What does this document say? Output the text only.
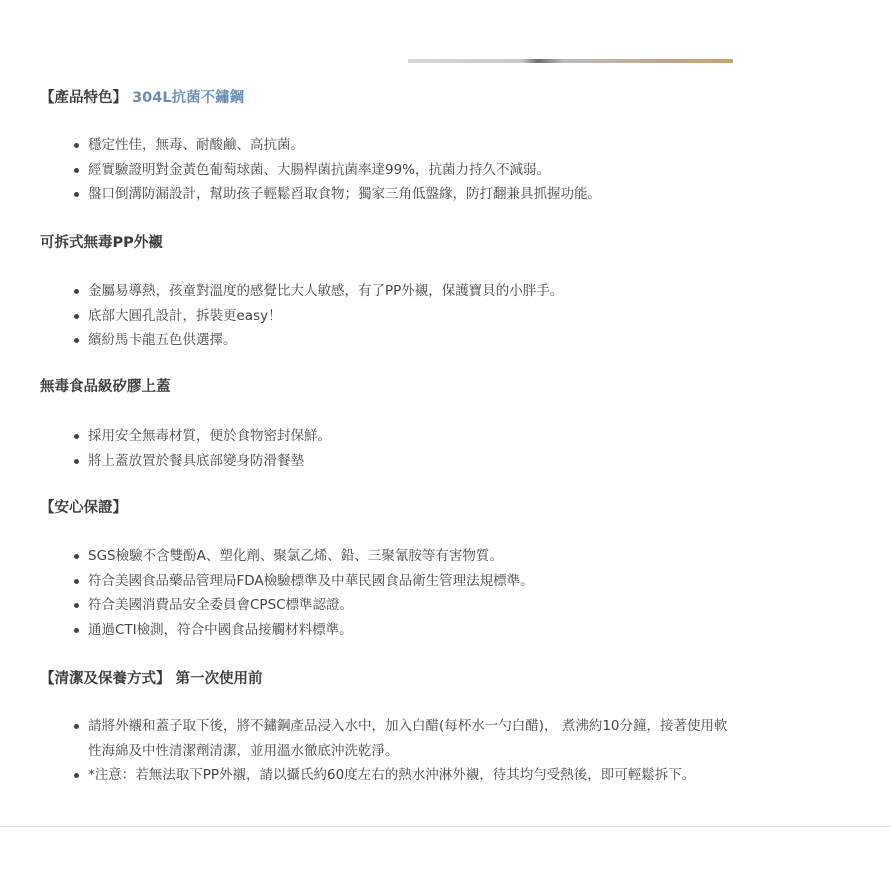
【產品特色】 304L抗菌不鏽鋼
穩定性佳，無毒、耐酸鹼、高抗菌。
經實驗證明對金黃色葡萄球菌、大腸桿菌抗菌率達99%，抗菌力持久不減弱。
盤口倒溝防漏設計，幫助孩子輕鬆舀取食物；獨家三角低盤緣，防打翻兼具抓握功能。
可拆式無毒PP外襯
金屬易導熱，孩童對溫度的感覺比大人敏感，有了PP外襯，保護寶貝的小胖手。
底部大圓孔設計，拆裝更easy！
繽紛馬卡龍五色供選擇。
無毒食品級矽膠上蓋
採用安全無毒材質，便於食物密封保鮮。
將上蓋放置於餐具底部變身防滑餐墊
【安心保證】
SGS檢驗不含雙酚A、塑化劑、聚氯乙烯、鉛、三聚氰胺等有害物質。
符合美國食品藥品管理局FDA檢驗標準及中華民國食品衛生管理法規標準。
符合美國消費品安全委員會CPSC標準認證。
通過CTI檢測，符合中國食品接觸材料標準。
【清潔及保養方式】 第一次使用前
請將外襯和蓋子取下後，將不鏽鋼產品浸入水中，加入白醋(每杯水一勺白醋)， 煮沸約10分鐘，接著使用軟性海綿及中性清潔劑清潔，並用溫水徹底沖洗乾淨。
*注意：若無法取下PP外襯，請以攝氏約60度左右的熱水沖淋外襯，待其均勻受熱後，即可輕鬆拆下。
